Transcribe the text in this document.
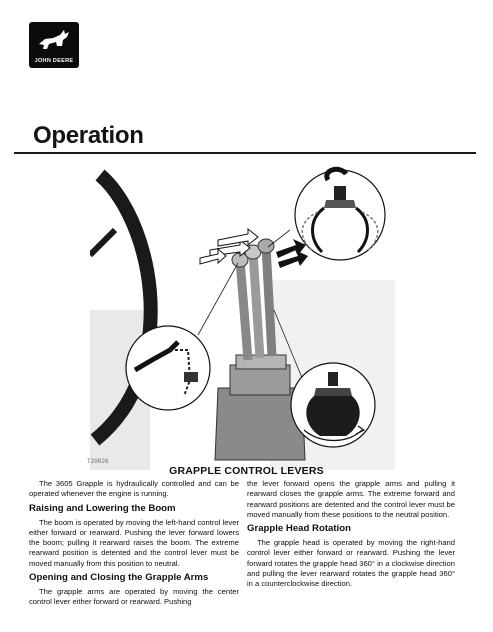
JOHN DEERE
Operation
T20026
GRAPPLE CONTROL LEVERS

The 3605 Grapple is hydraulically controlled and can be operated whenever the engine is running.

Raising and Lowering the Boom

The boom is operated by moving the left-hand control lever either forward or rearward. Pushing the lever forward lowers the boom; pulling it rearward raises the boom. The extreme rearward position is detented and the control lever must be moved manually from this position to neutral.

Opening and Closing the Grapple Arms

The grapple arms are operated by moving the center control lever either forward or rearward. Pushing

the lever forward opens the grapple arms and pulling it rearward closes the grapple arms. The extreme forward and rearward positions are detented and the control lever must be moved manually from these positions to the neutral position.

Grapple Head Rotation

The grapple head is operated by moving the right-hand control lever either forward or rearward. Pushing the lever forward rotates the grapple head 360° in a clockwise direction and pulling the lever rearward rotates the grapple head 360° in a counterclockwise direction.
